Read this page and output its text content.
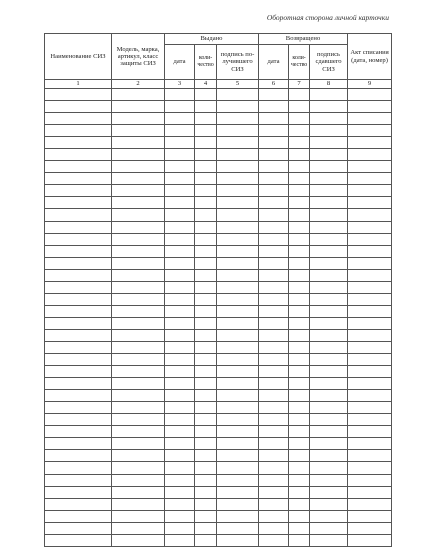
Оборотная сторона личной карточки
Наименование СИЗ	Модель, марка, артикул, класс защиты СИЗ	Выдано			Возвращено			Акт списания (дата, номер)
		дата	коли-чество	подпись по-лучившего СИЗ	дата	коли-чество	подпись сдавшего СИЗ	
1	2	3	4	5	6	7	8	9
